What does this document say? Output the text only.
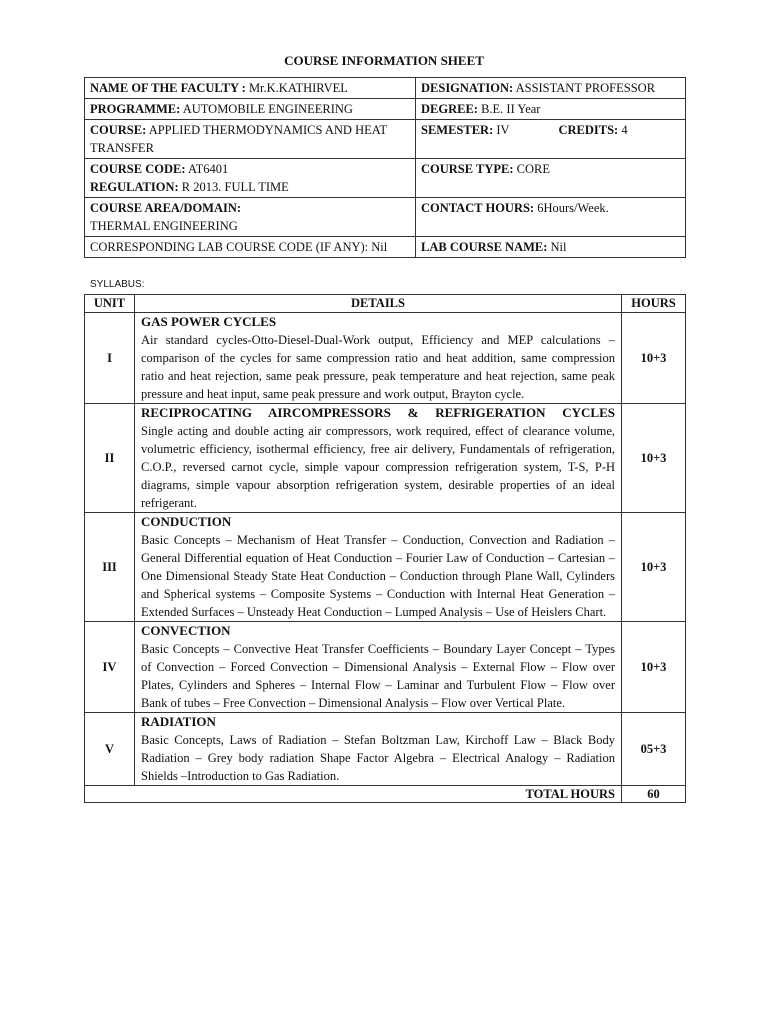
COURSE INFORMATION SHEET
NAME OF THE FACULTY : Mr.K.KATHIRVEL	DESIGNATION: ASSISTANT PROFESSOR
PROGRAMME: AUTOMOBILE ENGINEERING	DEGREE: B.E. II Year
COURSE: APPLIED THERMODYNAMICS AND HEAT TRANSFER	SEMESTER: IV CREDITS: 4
COURSE CODE: AT6401
REGULATION: R 2013. FULL TIME	COURSE TYPE: CORE
COURSE AREA/DOMAIN:
THERMAL ENGINEERING	CONTACT HOURS: 6Hours/Week.
CORRESPONDING LAB COURSE CODE (IF ANY): Nil	LAB COURSE NAME: Nil
SYLLABUS:
UNIT	DETAILS	HOURS
I	GAS POWER CYCLES
Air standard cycles-Otto-Diesel-Dual-Work output, Efficiency and MEP calculations – comparison of the cycles for same compression ratio and heat addition, same compression ratio and heat rejection, same peak pressure, peak temperature and heat rejection, same peak pressure and heat input, same peak pressure and work output, Brayton cycle.	10+3
II	RECIPROCATING AIRCOMPRESSORS & REFRIGERATION CYCLES
Single acting and double acting air compressors, work required, effect of clearance volume, volumetric efficiency, isothermal efficiency, free air delivery, Fundamentals of refrigeration, C.O.P., reversed carnot cycle, simple vapour compression refrigeration system, T-S, P-H diagrams, simple vapour absorption refrigeration system, desirable properties of an ideal refrigerant.	10+3
III	CONDUCTION
Basic Concepts – Mechanism of Heat Transfer – Conduction, Convection and Radiation – General Differential equation of Heat Conduction – Fourier Law of Conduction – Cartesian – One Dimensional Steady State Heat Conduction – Conduction through Plane Wall, Cylinders and Spherical systems – Composite Systems – Conduction with Internal Heat Generation – Extended Surfaces – Unsteady Heat Conduction – Lumped Analysis – Use of Heislers Chart.	10+3
IV	CONVECTION
Basic Concepts – Convective Heat Transfer Coefficients – Boundary Layer Concept – Types of Convection – Forced Convection – Dimensional Analysis – External Flow – Flow over Plates, Cylinders and Spheres – Internal Flow – Laminar and Turbulent Flow – Flow over Bank of tubes – Free Convection – Dimensional Analysis – Flow over Vertical Plate.	10+3
V	RADIATION
Basic Concepts, Laws of Radiation – Stefan Boltzman Law, Kirchoff Law – Black Body Radiation – Grey body radiation Shape Factor Algebra – Electrical Analogy – Radiation Shields –Introduction to Gas Radiation.	05+3
TOTAL HOURS		60
